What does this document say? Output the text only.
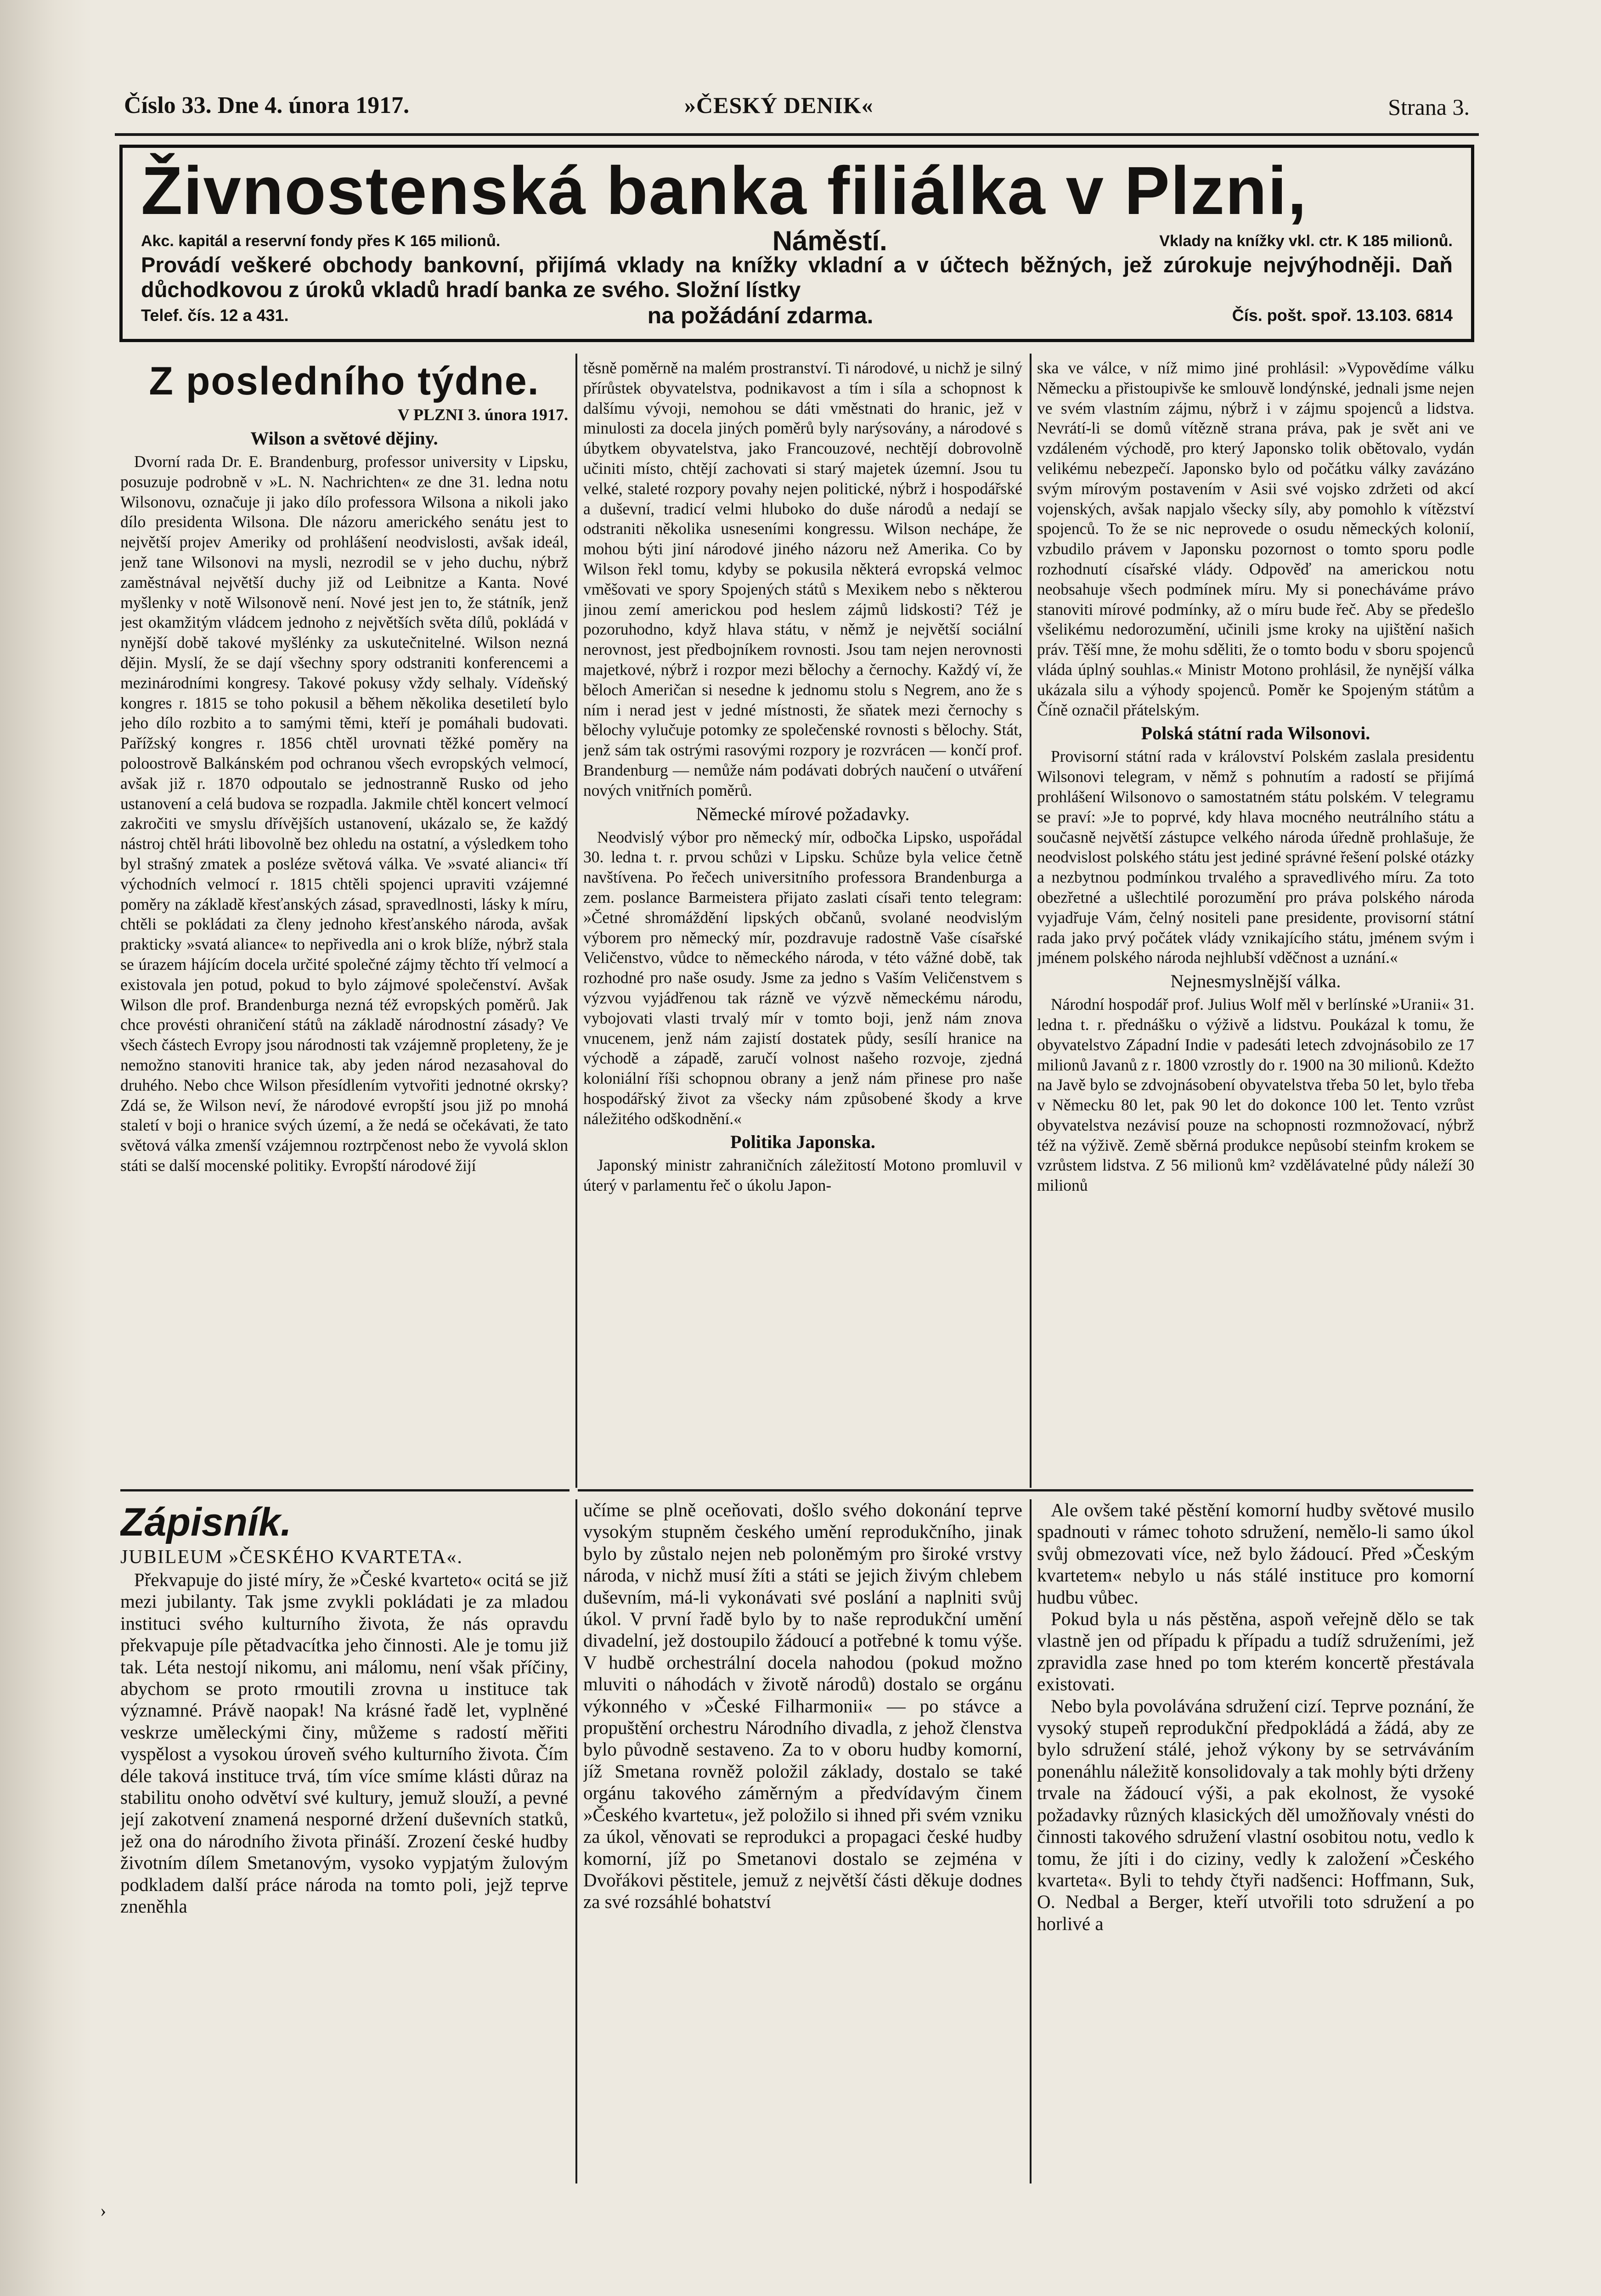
Číslo 33. Dne 4. února 1917.	»ČESKÝ DENIK«	Strana 3.
Živnostenská banka filiálka v Plzni,
Akc. kapitál a reservní fondy přes K 165 milionů.	Náměstí.	Vklady na knížky vkl. ctr. K 185 milionů.
Provádí veškeré obchody bankovní, přijímá vklady na knížky vkladní a v účtech běžných, jež zúrokuje nejvýhodněji. Daň důchodkovou z úroků vkladů hradí banka ze svého. Složní lístky
Telef. čís. 12 a 431.	na požádání zdarma.	Čís. pošt. spoř. 13.103. 6814
Z posledního týdne.
V PLZNI 3. února 1917.
Wilson a světové dějiny.

Dvorní rada Dr. E. Brandenburg, professor university v Lipsku, posuzuje podrobně v »L. N. Nachrichten« ze dne 31. ledna notu Wilsonovu, označuje ji jako dílo professora Wilsona a nikoli jako dílo presidenta Wilsona. Dle názoru amerického senátu jest to největší projev Ameriky od prohlášení neodvislosti, avšak ideál, jenž tane Wilsonovi na mysli, nezrodil se v jeho duchu, nýbrž zaměstnával největší duchy již od Leibnitze a Kanta. Nové myšlenky v notě Wilsonově není. Nové jest jen to, že státník, jenž jest okamžitým vládcem jednoho z největších světa dílů, pokládá v nynější době takové myšlénky za uskutečnitelné. Wilson nezná dějin. Myslí, že se dají všechny spory odstraniti konferencemi a mezinárodními kongresy. Takové pokusy vždy selhaly. Vídeňský kongres r. 1815 se toho pokusil a během několika desetiletí bylo jeho dílo rozbito a to samými těmi, kteří je pomáhali budovati. Pařížský kongres r. 1856 chtěl urovnati těžké poměry na poloostrově Balkánském pod ochranou všech evropských velmocí, avšak již r. 1870 odpoutalo se jednostranně Rusko od jeho ustanovení a celá budova se rozpadla. Jakmile chtěl koncert velmocí zakročiti ve smyslu dřívějších ustanovení, ukázalo se, že každý nástroj chtěl hráti libovolně bez ohledu na ostatní, a výsledkem toho byl strašný zmatek a posléze světová válka. Ve »svaté alianci« tří východních velmocí r. 1815 chtěli spojenci upraviti vzájemné poměry na základě křesťanských zásad, spravedlnosti, lásky k míru, chtěli se pokládati za členy jednoho křesťanského národa, avšak prakticky »svatá aliance« to nepřivedla ani o krok blíže, nýbrž stala se úrazem hájícím docela určité společné zájmy těchto tří velmocí a existovala jen potud, pokud to bylo zájmové společenství. Avšak Wilson dle prof. Brandenburga nezná též evropských poměrů. Jak chce provésti ohraničení států na základě národnostní zásady? Ve všech částech Evropy jsou národnosti tak vzájemně propleteny, že je nemožno stanoviti hranice tak, aby jeden národ nezasahoval do druhého. Nebo chce Wilson přesídlením vytvořiti jednotné okrsky? Zdá se, že Wilson neví, že národové evropští jsou již po mnohá staletí v boji o hranice svých území, a že nedá se očekávati, že tato světová válka zmenší vzájemnou roztrpčenost nebo že vyvolá sklon státi se další mocenské politiky. Evropští národové žijí

těsně poměrně na malém prostranství. Ti národové, u nichž je silný přírůstek obyvatelstva, podnikavost a tím i síla a schopnost k dalšímu vývoji, nemohou se dáti vměstnati do hranic, jež v minulosti za docela jiných poměrů byly narýsovány, a národové s úbytkem obyvatelstva, jako Francouzové, nechtějí dobrovolně učiniti místo, chtějí zachovati si starý majetek územní. Jsou tu velké, staleté rozpory povahy nejen politické, nýbrž i hospodářské a duševní, tradicí velmi hluboko do duše národů a nedají se odstraniti několika usneseními kongressu. Wilson nechápe, že mohou býti jiní národové jiného názoru než Amerika. Co by Wilson řekl tomu, kdyby se pokusila některá evropská velmoc vměšovati ve spory Spojených států s Mexikem nebo s některou jinou zemí americkou pod heslem zájmů lidskosti? Též je pozoruhodno, když hlava státu, v němž je největší sociální nerovnost, jest předbojníkem rovnosti. Jsou tam nejen nerovnosti majetkové, nýbrž i rozpor mezi bělochy a černochy. Každý ví, že běloch Američan si nesedne k jednomu stolu s Negrem, ano že s ním i nerad jest v jedné místnosti, že sňatek mezi černochy s bělochy vylučuje potomky ze společenské rovnosti s bělochy. Stát, jenž sám tak ostrými rasovými rozpory je rozvrácen — končí prof. Brandenburg — nemůže nám podávati dobrých naučení o utváření nových vnitřních poměrů.

Německé mírové požadavky.

Neodvislý výbor pro německý mír, odbočka Lipsko, uspořádal 30. ledna t. r. prvou schůzi v Lipsku. Schůze byla velice četně navštívena. Po řečech universitního professora Brandenburga a zem. poslance Barmeistera přijato zaslati císaři tento telegram: »Četné shromáždění lipských občanů, svolané neodvislým výborem pro německý mír, pozdravuje radostně Vaše císařské Veličenstvo, vůdce to německého národa, v této vážné době, tak rozhodné pro naše osudy. Jsme za jedno s Vaším Veličenstvem s výzvou vyjádřenou tak rázně ve výzvě německému národu, vybojovati vlasti trvalý mír v tomto boji, jenž nám znova vnucenem, jenž nám zajistí dostatek půdy, sesílí hranice na východě a západě, zaručí volnost našeho rozvoje, zjedná koloniální říši schopnou obrany a jenž nám přinese pro naše hospodářský život za všecky nám způsobené škody a krve náležitého odškodnění.«

Politika Japonska.

Japonský ministr zahraničních záležitostí Motono promluvil v úterý v parlamentu řeč o úkolu Japon-

ska ve válce, v níž mimo jiné prohlásil: »Vypovědíme válku Německu a přistoupivše ke smlouvě londýnské, jednali jsme nejen ve svém vlastním zájmu, nýbrž i v zájmu spojenců a lidstva. Nevrátí-li se domů vítězně strana práva, pak je svět ani ve vzdáleném východě, pro který Japonsko tolik obětovalo, vydán velikému nebezpečí. Japonsko bylo od počátku války zavázáno svým mírovým postavením v Asii své vojsko zdržeti od akcí vojenských, avšak napjalo všecky síly, aby pomohlo k vítězství spojenců. To že se nic neprovede o osudu německých kolonií, vzbudilo právem v Japonsku pozornost o tomto sporu podle rozhodnutí císařské vlády. Odpověď na americkou notu neobsahuje všech podmínek míru. My si ponecháváme právo stanoviti mírové podmínky, až o míru bude řeč. Aby se předešlo všelikému nedorozumění, učinili jsme kroky na ujištění našich práv. Těší mne, že mohu sděliti, že o tomto bodu v sboru spojenců vláda úplný souhlas.« Ministr Motono prohlásil, že nynější válka ukázala silu a výhody spojenců. Poměr ke Spojeným státům a Číně označil přátelským.

Polská státní rada Wilsonovi.

Provisorní státní rada v království Polském zaslala presidentu Wilsonovi telegram, v němž s pohnutím a radostí se přijímá prohlášení Wilsonovo o samostatném státu polském. V telegramu se praví: »Je to poprvé, kdy hlava mocného neutrálního státu a současně největší zástupce velkého národa úředně prohlašuje, že neodvislost polského státu jest jediné správné řešení polské otázky a nezbytnou podmínkou trvalého a spravedlivého míru. Za toto obezřetné a ušlechtilé porozumění pro práva polského národa vyjadřuje Vám, čelný nositeli pane presidente, provisorní státní rada jako prvý počátek vlády vznikajícího státu, jménem svým i jménem polského národa nejhlubší vděčnost a uznání.«

Nejnesmyslnější válka.

Národní hospodář prof. Julius Wolf měl v berlínské »Uranii« 31. ledna t. r. přednášku o výživě a lidstvu. Poukázal k tomu, že obyvatelstvo Západní Indie v padesáti letech zdvojnásobilo ze 17 milionů Javanů z r. 1800 vzrostly do r. 1900 na 30 milionů. Kdežto na Javě bylo se zdvojnásobení obyvatelstva třeba 50 let, bylo třeba v Německu 80 let, pak 90 let do dokonce 100 let. Tento vzrůst obyvatelstva nezávisí pouze na schopnosti rozmnožovací, nýbrž též na výživě. Země sběrná produkce nepůsobí steinfm krokem se vzrůstem lidstva. Z 56 milionů km² vzdělávatelné půdy náleží 30 milionů

Zápisník.
JUBILEUM »ČESKÉHO KVARTETA«.

Překvapuje do jisté míry, že »České kvarteto« ocitá se již mezi jubilanty. Tak jsme zvykli pokládati je za mladou instituci svého kulturního života, že nás opravdu překvapuje píle pětadvacítka jeho činnosti. Ale je tomu již tak. Léta nestojí nikomu, ani málomu, není však příčiny, abychom se proto rmoutili zrovna u instituce tak významné. Právě naopak! Na krásné řadě let, vyplněné veskrze uměleckými činy, můžeme s radostí měřiti vyspělost a vysokou úroveň svého kulturního života. Čím déle taková instituce trvá, tím více smíme klásti důraz na stabilitu onoho odvětví své kultury, jemuž slouží, a pevné její zakotvení znamená nesporné držení duševních statků, jež ona do národního života přináší. Zrození české hudby životním dílem Smetanovým, vysoko vypjatým žulovým podkladem další práce národa na tomto poli, jejž teprve zneněhla

učíme se plně oceňovati, došlo svého dokonání teprve vysokým stupněm českého umění reprodukčního, jinak bylo by zůstalo nejen neb poloněmým pro široké vrstvy národa, v nichž musí žíti a státi se jejich živým chlebem duševním, má-li vykonávati své poslání a naplniti svůj úkol. V první řadě bylo by to naše reprodukční umění divadelní, jež dostoupilo žádoucí a potřebné k tomu výše. V hudbě orchestrální docela nahodou (pokud možno mluviti o náhodách v životě národů) dostalo se orgánu výkonného v »České Filharmonii« — po stávce a propuštění orchestru Národního divadla, z jehož členstva bylo původně sestaveno. Za to v oboru hudby komorní, jíž Smetana rovněž položil základy, dostalo se také orgánu takového záměrným a předvídavým činem »Českého kvartetu«, jež položilo si ihned při svém vzniku za úkol, věnovati se reprodukci a propagaci české hudby komorní, jíž po Smetanovi dostalo se zejména v Dvořákovi pěstitele, jemuž z největší části děkuje dodnes za své rozsáhlé bohatství

Ale ovšem také pěstění komorní hudby světové musilo spadnouti v rámec tohoto sdružení, nemělo-li samo úkol svůj obmezovati více, než bylo žádoucí. Před »Českým kvartetem« nebylo u nás stálé instituce pro komorní hudbu vůbec.

Pokud byla u nás pěstěna, aspoň veřejně dělo se tak vlastně jen od případu k případu a tudíž sdruženími, jež zpravidla zase hned po tom kterém koncertě přestávala existovati.

Nebo byla povolávána sdružení cizí. Teprve poznání, že vysoký stupeň reprodukční předpokládá a žádá, aby ze bylo sdružení stálé, jehož výkony by se setrváváním ponenáhlu náležitě konsolidovaly a tak mohly býti drženy trvale na žádoucí výši, a pak ekolnost, že vysoké požadavky různých klasických děl umožňovaly vnésti do činnosti takového sdružení vlastní osobitou notu, vedlo k tomu, že jíti i do ciziny, vedly k založení »Českého kvarteta«. Byli to tehdy čtyři nadšenci: Hoffmann, Suk, O. Nedbal a Berger, kteří utvořili toto sdružení a po horlivé a

›
